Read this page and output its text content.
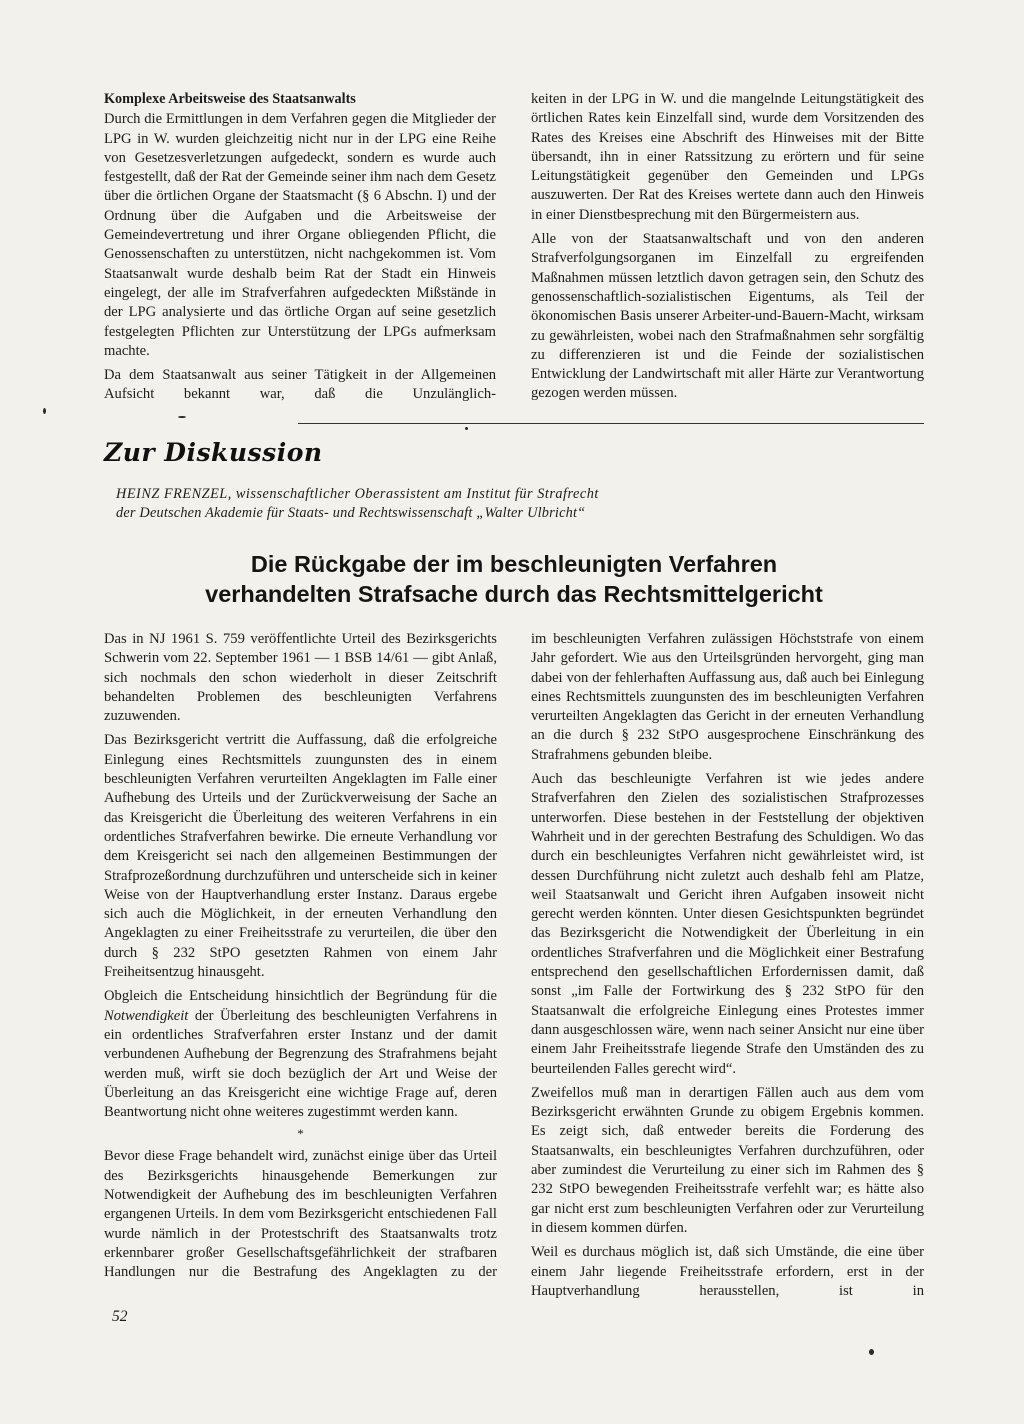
Komplexe Arbeitsweise des Staatsanwalts

Durch die Ermittlungen in dem Verfahren gegen die Mitglieder der LPG in W. wurden gleichzeitig nicht nur in der LPG eine Reihe von Gesetzesverletzungen aufgedeckt, sondern es wurde auch festgestellt, daß der Rat der Gemeinde seiner ihm nach dem Gesetz über die örtlichen Organe der Staatsmacht (§ 6 Abschn. I) und der Ordnung über die Aufgaben und die Arbeitsweise der Gemeindevertretung und ihrer Organe obliegenden Pflicht, die Genossenschaften zu unterstützen, nicht nachgekommen ist. Vom Staatsanwalt wurde deshalb beim Rat der Stadt ein Hinweis eingelegt, der alle im Strafverfahren aufgedeckten Mißstände in der LPG analysierte und das örtliche Organ auf seine gesetzlich festgelegten Pflichten zur Unterstützung der LPGs aufmerksam machte.

Da dem Staatsanwalt aus seiner Tätigkeit in der Allgemeinen Aufsicht bekannt war, daß die Unzulänglich-

keiten in der LPG in W. und die mangelnde Leitungstätigkeit des örtlichen Rates kein Einzelfall sind, wurde dem Vorsitzenden des Rates des Kreises eine Abschrift des Hinweises mit der Bitte übersandt, ihn in einer Ratssitzung zu erörtern und für seine Leitungstätigkeit gegenüber den Gemeinden und LPGs auszuwerten. Der Rat des Kreises wertete dann auch den Hinweis in einer Dienstbesprechung mit den Bürgermeistern aus.

Alle von der Staatsanwaltschaft und von den anderen Strafverfolgungsorganen im Einzelfall zu ergreifenden Maßnahmen müssen letztlich davon getragen sein, den Schutz des genossenschaftlich-sozialistischen Eigentums, als Teil der ökonomischen Basis unserer Arbeiter-und-Bauern-Macht, wirksam zu gewährleisten, wobei nach den Strafmaßnahmen sehr sorgfältig zu differenzieren ist und die Feinde der sozialistischen Entwicklung der Landwirtschaft mit aller Härte zur Verantwortung gezogen werden müssen.

Zur Diskussion
HEINZ FRENZEL, wissenschaftlicher Oberassistent am Institut für Strafrecht
der Deutschen Akademie für Staats- und Rechtswissenschaft „Walter Ulbricht“
Die Rückgabe der im beschleunigten Verfahren
verhandelten Strafsache durch das Rechtsmittelgericht

Das in NJ 1961 S. 759 veröffentlichte Urteil des Bezirksgerichts Schwerin vom 22. September 1961 — 1 BSB 14/61 — gibt Anlaß, sich nochmals den schon wiederholt in dieser Zeitschrift behandelten Problemen des beschleunigten Verfahrens zuzuwenden.

Das Bezirksgericht vertritt die Auffassung, daß die erfolgreiche Einlegung eines Rechtsmittels zuungunsten des in einem beschleunigten Verfahren verurteilten Angeklagten im Falle einer Aufhebung des Urteils und der Zurückverweisung der Sache an das Kreisgericht die Überleitung des weiteren Verfahrens in ein ordentliches Strafverfahren bewirke. Die erneute Verhandlung vor dem Kreisgericht sei nach den allgemeinen Bestimmungen der Strafprozeßordnung durchzuführen und unterscheide sich in keiner Weise von der Hauptverhandlung erster Instanz. Daraus ergebe sich auch die Möglichkeit, in der erneuten Verhandlung den Angeklagten zu einer Freiheitsstrafe zu verurteilen, die über den durch § 232 StPO gesetzten Rahmen von einem Jahr Freiheitsentzug hinausgeht.

Obgleich die Entscheidung hinsichtlich der Begründung für die Notwendigkeit der Überleitung des beschleunigten Verfahrens in ein ordentliches Strafverfahren erster Instanz und der damit verbundenen Aufhebung der Begrenzung des Strafrahmens bejaht werden muß, wirft sie doch bezüglich der Art und Weise der Überleitung an das Kreisgericht eine wichtige Frage auf, deren Beantwortung nicht ohne weiteres zugestimmt werden kann.

*

Bevor diese Frage behandelt wird, zunächst einige über das Urteil des Bezirksgerichts hinausgehende Bemerkungen zur Notwendigkeit der Aufhebung des im beschleunigten Verfahren ergangenen Urteils. In dem vom Bezirksgericht entschiedenen Fall wurde nämlich in der Protestschrift des Staatsanwalts trotz erkennbarer großer Gesellschaftsgefährlichkeit der strafbaren Handlungen nur die Bestrafung des Angeklagten zu der

im beschleunigten Verfahren zulässigen Höchststrafe von einem Jahr gefordert. Wie aus den Urteilsgründen hervorgeht, ging man dabei von der fehlerhaften Auffassung aus, daß auch bei Einlegung eines Rechtsmittels zuungunsten des im beschleunigten Verfahren verurteilten Angeklagten das Gericht in der erneuten Verhandlung an die durch § 232 StPO ausgesprochene Einschränkung des Strafrahmens gebunden bleibe.

Auch das beschleunigte Verfahren ist wie jedes andere Strafverfahren den Zielen des sozialistischen Strafprozesses unterworfen. Diese bestehen in der Feststellung der objektiven Wahrheit und in der gerechten Bestrafung des Schuldigen. Wo das durch ein beschleunigtes Verfahren nicht gewährleistet wird, ist dessen Durchführung nicht zuletzt auch deshalb fehl am Platze, weil Staatsanwalt und Gericht ihren Aufgaben insoweit nicht gerecht werden könnten. Unter diesen Gesichtspunkten begründet das Bezirksgericht die Notwendigkeit der Überleitung in ein ordentliches Strafverfahren und die Möglichkeit einer Bestrafung entsprechend den gesellschaftlichen Erfordernissen damit, daß sonst „im Falle der Fortwirkung des § 232 StPO für den Staatsanwalt die erfolgreiche Einlegung eines Protestes immer dann ausgeschlossen wäre, wenn nach seiner Ansicht nur eine über einem Jahr Freiheitsstrafe liegende Strafe den Umständen des zu beurteilenden Falles gerecht wird“.

Zweifellos muß man in derartigen Fällen auch aus dem vom Bezirksgericht erwähnten Grunde zu obigem Ergebnis kommen. Es zeigt sich, daß entweder bereits die Forderung des Staatsanwalts, ein beschleunigtes Verfahren durchzuführen, oder aber zumindest die Verurteilung zu einer sich im Rahmen des § 232 StPO bewegenden Freiheitsstrafe verfehlt war; es hätte also gar nicht erst zum beschleunigten Verfahren oder zur Verurteilung in diesem kommen dürfen.

Weil es durchaus möglich ist, daß sich Umstände, die eine über einem Jahr liegende Freiheitsstrafe erfordern, erst in der Hauptverhandlung herausstellen, ist in

52
